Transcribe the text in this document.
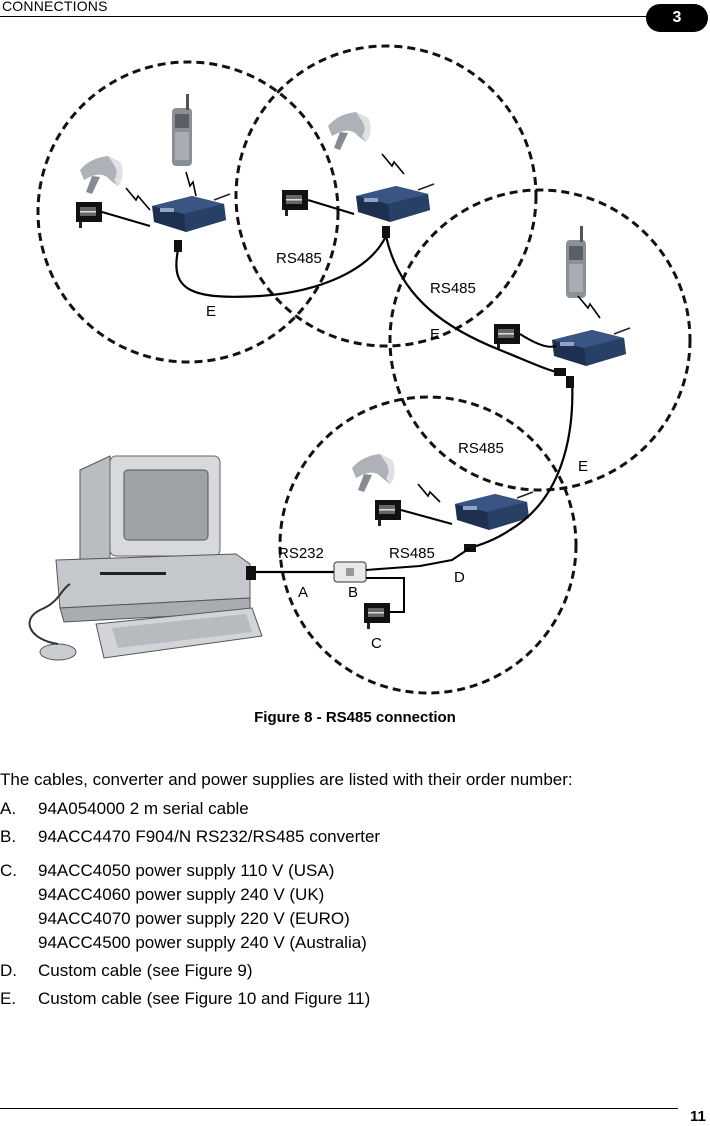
CONNECTIONS
3
RS485
RS485
RS485
RS485
RS232
E
E
E
A	B
C
D
Figure 8 - RS485 connection
The cables, converter and power supplies are listed with their order number:
A. 94A054000 2 m serial cable
B. 94ACC4470 F904/N RS232/RS485 converter
C. 94ACC4050 power supply 110 V (USA)
94ACC4060 power supply 240 V (UK)
94ACC4070 power supply 220 V (EURO)
94ACC4500 power supply 240 V (Australia)
D. Custom cable (see Figure 9)
E. Custom cable (see Figure 10 and Figure 11)
11
